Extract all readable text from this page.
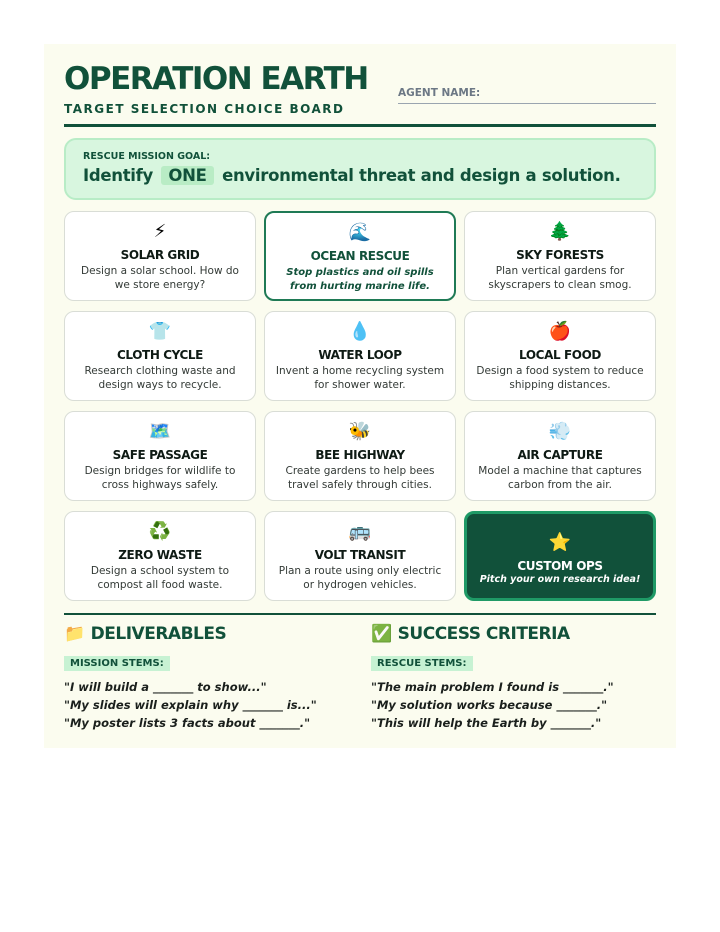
OPERATION EARTH
TARGET SELECTION CHOICE BOARD
AGENT NAME:
RESCUE MISSION GOAL:
Identify ONE environmental threat and design a solution.
⚡
SOLAR GRID
Design a solar school. How do we store energy?
🌊
OCEAN RESCUE
Stop plastics and oil spills from hurting marine life.
🌲
SKY FORESTS
Plan vertical gardens for skyscrapers to clean smog.
👕
CLOTH CYCLE
Research clothing waste and design ways to recycle.
💧
WATER LOOP
Invent a home recycling system for shower water.
🍎
LOCAL FOOD
Design a food system to reduce shipping distances.
🗺️
SAFE PASSAGE
Design bridges for wildlife to cross highways safely.
🐝
BEE HIGHWAY
Create gardens to help bees travel safely through cities.
💨
AIR CAPTURE
Model a machine that captures carbon from the air.
♻️
ZERO WASTE
Design a school system to compost all food waste.
🚌
VOLT TRANSIT
Plan a route using only electric or hydrogen vehicles.
⭐
CUSTOM OPS
Pitch your own research idea!
📁 DELIVERABLES
MISSION STEMS:
"I will build a _______ to show..."
"My slides will explain why _______ is..."
"My poster lists 3 facts about _______."
✅ SUCCESS CRITERIA
RESCUE STEMS:
"The main problem I found is _______."
"My solution works because _______."
"This will help the Earth by _______."
